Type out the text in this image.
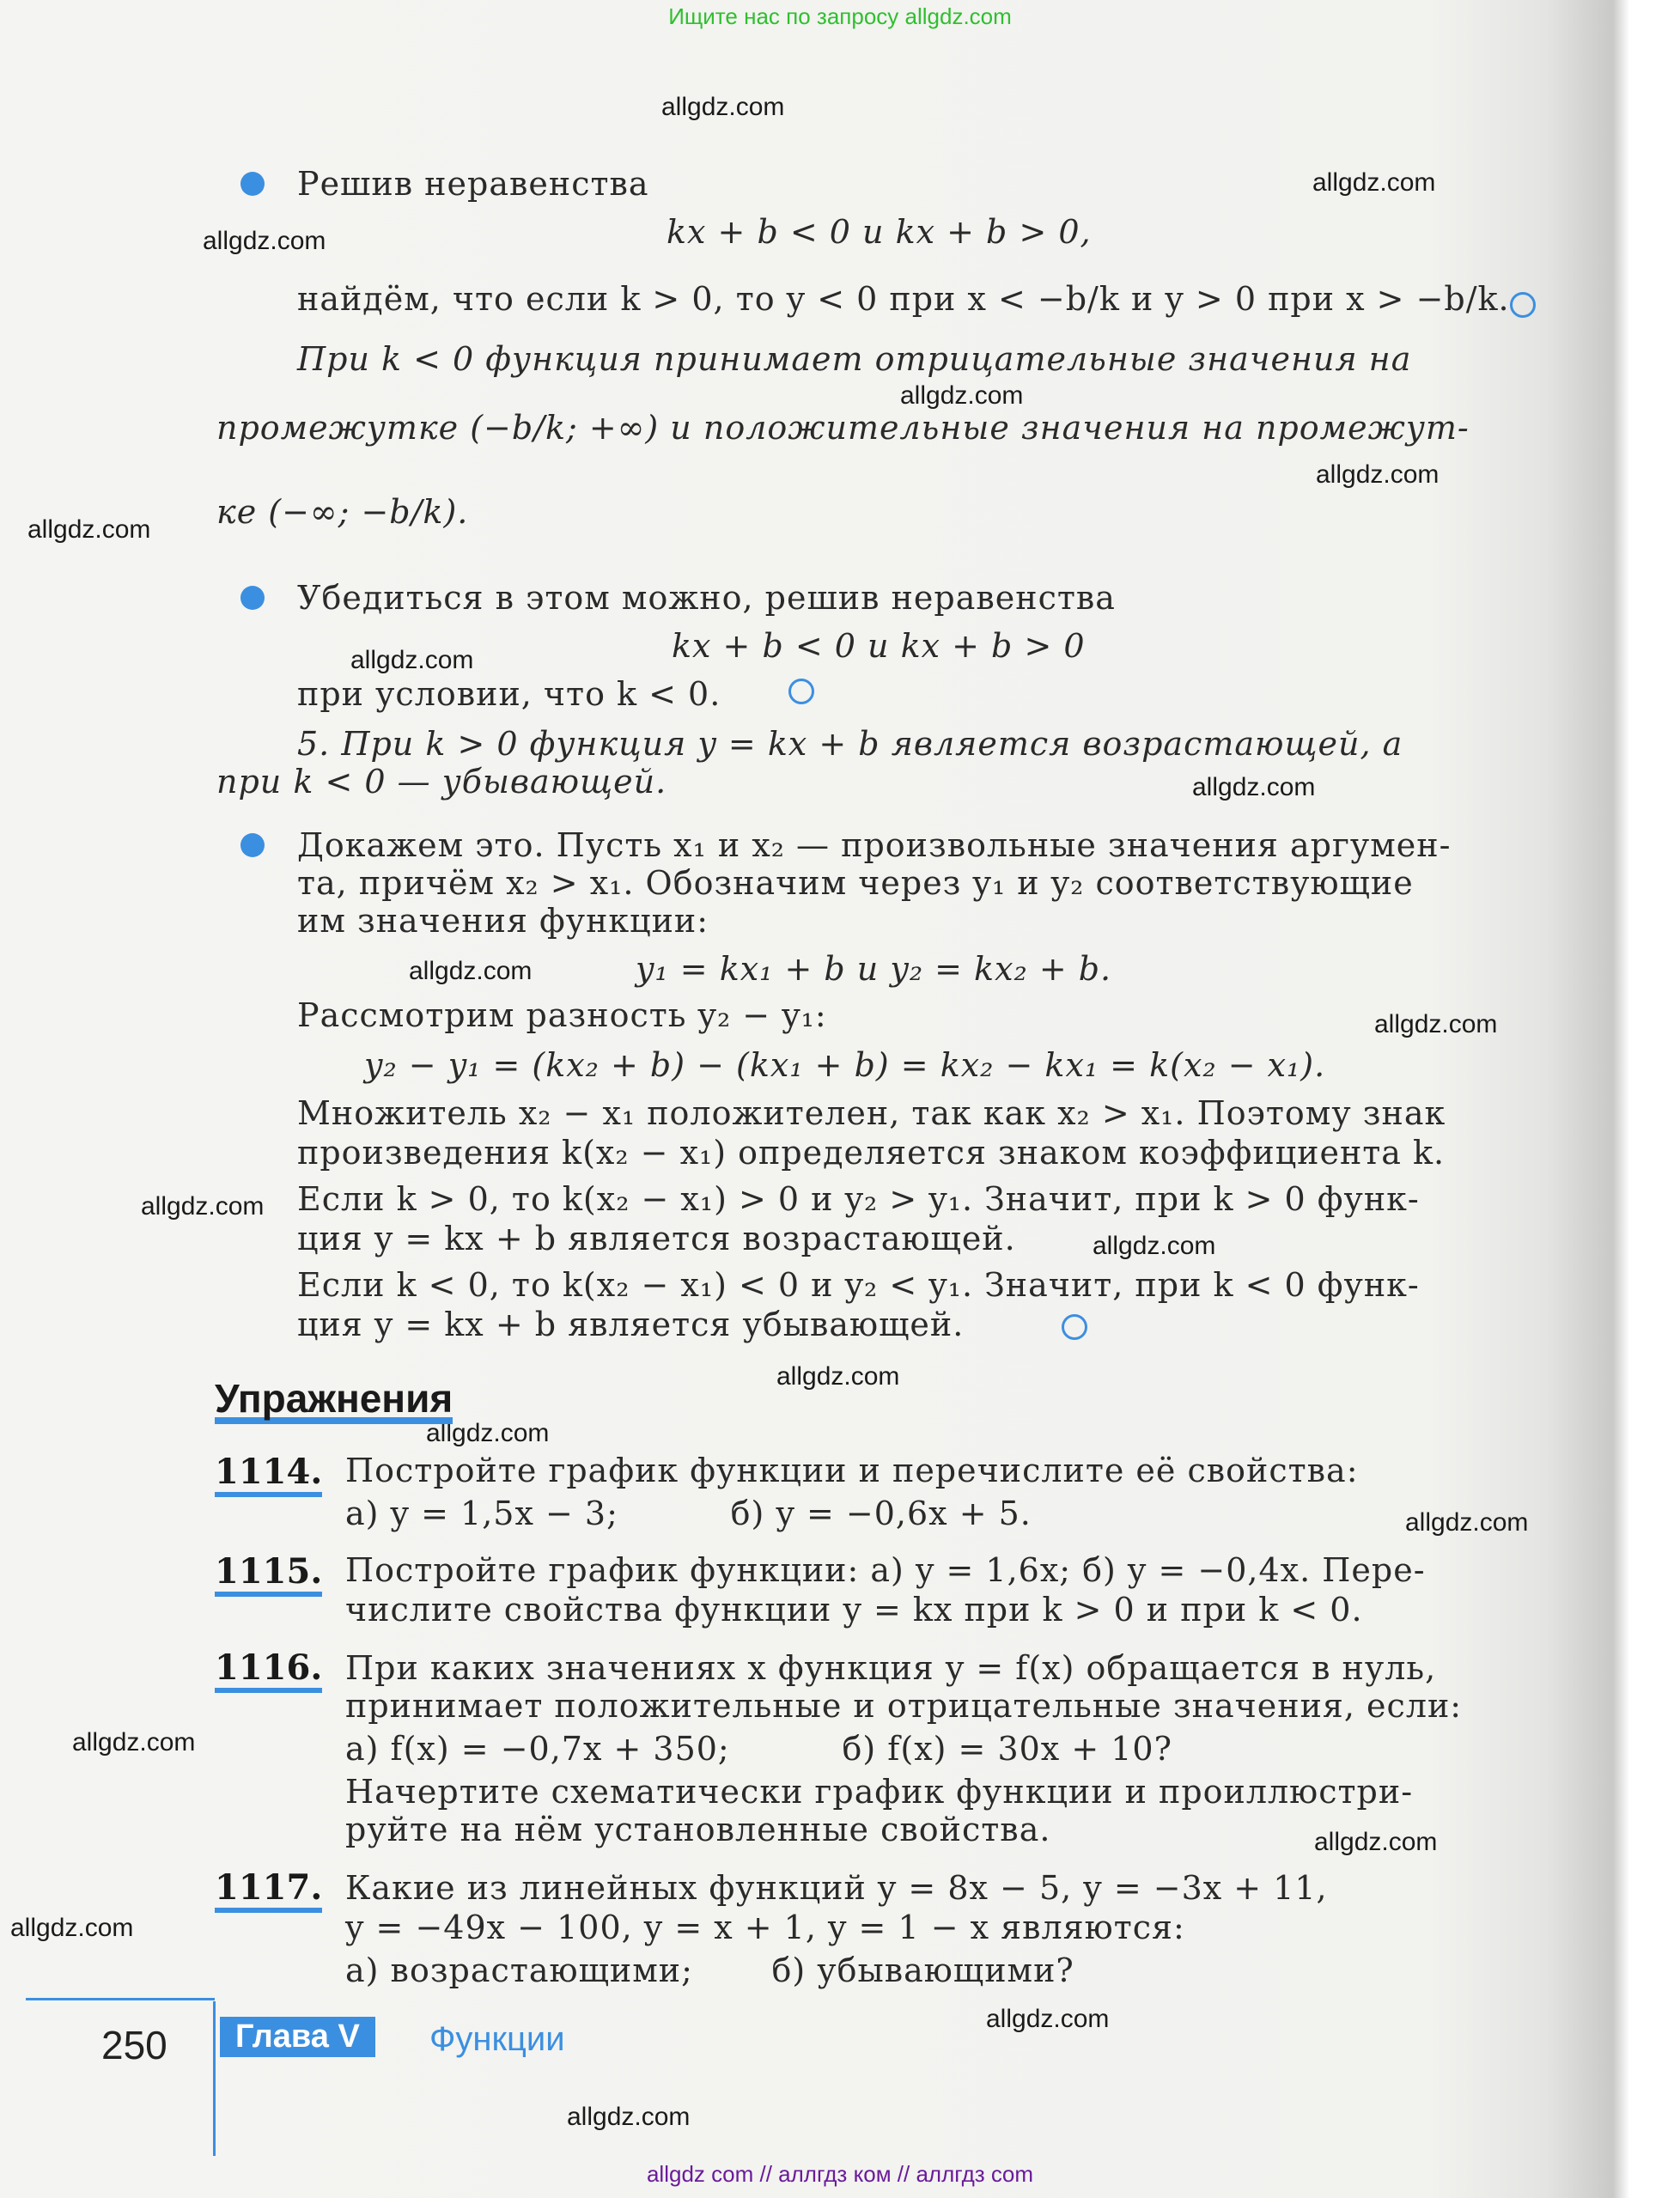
Ищите нас по запросу allgdz.com
allgdz.com
allgdz.com
allgdz.com
allgdz.com
allgdz.com
allgdz.com
allgdz.com
allgdz.com
allgdz.com
allgdz.com
allgdz.com
allgdz.com
allgdz.com
allgdz.com
allgdz.com
allgdz.com
allgdz.com
allgdz.com
allgdz.com
allgdz.com
Решив неравенства
kx + b < 0 и kx + b > 0,
найдём, что если k > 0, то y < 0 при x < −b/k и y > 0 при x > −b/k.
При k < 0 функция принимает отрицательные значения на
промежутке (−b/k; +∞) и положительные значения на промежут-
ке (−∞; −b/k).
Убедиться в этом можно, решив неравенства
kx + b < 0 и kx + b > 0
при условии, что k < 0.
5. При k > 0 функция y = kx + b является возрастающей, а
при k < 0 — убывающей.
Докажем это. Пусть x₁ и x₂ — произвольные значения аргумен-
та, причём x₂ > x₁. Обозначим через y₁ и y₂ соответствующие
им значения функции:
y₁ = kx₁ + b и y₂ = kx₂ + b.
Рассмотрим разность y₂ − y₁:
y₂ − y₁ = (kx₂ + b) − (kx₁ + b) = kx₂ − kx₁ = k(x₂ − x₁).
Множитель x₂ − x₁ положителен, так как x₂ > x₁. Поэтому знак
произведения k(x₂ − x₁) определяется знаком коэффициента k.
Если k > 0, то k(x₂ − x₁) > 0 и y₂ > y₁. Значит, при k > 0 функ-
ция y = kx + b является возрастающей.
Если k < 0, то k(x₂ − x₁) < 0 и y₂ < y₁. Значит, при k < 0 функ-
ция y = kx + b является убывающей.
Упражнения
1114. Постройте график функции и перечислите её свойства:
а) y = 1,5x − 3;          б) y = −0,6x + 5.
1115. Постройте график функции: а) y = 1,6x; б) y = −0,4x. Пере-
числите свойства функции y = kx при k > 0 и при k < 0.
1116. При каких значениях x функция y = f(x) обращается в нуль,
принимает положительные и отрицательные значения, если:
а) f(x) = −0,7x + 350;          б) f(x) = 30x + 10?
Начертите схематически график функции и проиллюстри-
руйте на нём установленные свойства.
1117. Какие из линейных функций y = 8x − 5, y = −3x + 11,
y = −49x − 100, y = x + 1, y = 1 − x являются:
а) возрастающими;       б) убывающими?
250	Глава V	Функции
allgdz com // аллгдз ком // аллгдз com
